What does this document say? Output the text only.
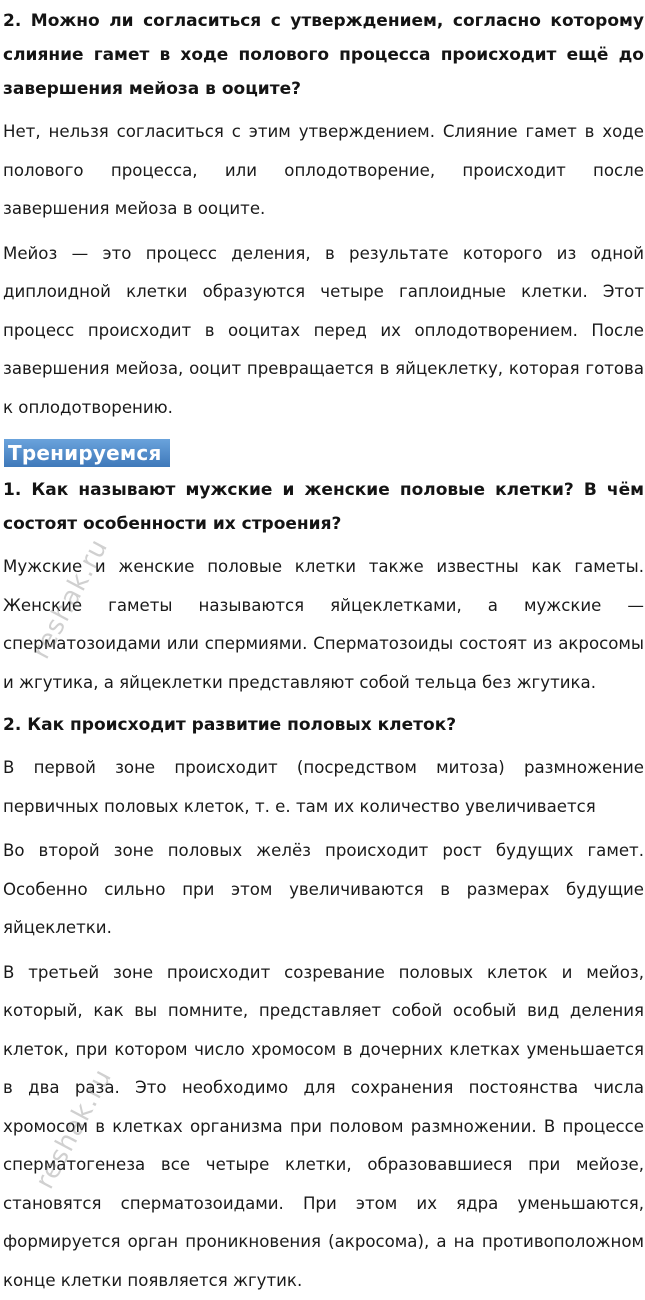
2. Можно ли согласиться с утверждением, согласно которому слияние гамет в ходе полового процесса происходит ещё до завершения мейоза в ооците?
Нет, нельзя согласиться с этим утверждением. Слияние гамет в ходе полового процесса, или оплодотворение, происходит после завершения мейоза в ооците.
Мейоз — это процесс деления, в результате которого из одной диплоидной клетки образуются четыре гаплоидные клетки. Этот процесс происходит в ооцитах перед их оплодотворением. После завершения мейоза, ооцит превращается в яйцеклетку, которая готова к оплодотворению.
Тренируемся
1. Как называют мужские и женские половые клетки? В чём состоят особенности их строения?
Мужские и женские половые клетки также известны как гаметы. Женские гаметы называются яйцеклетками, а мужские — сперматозоидами или спермиями. Сперматозоиды состоят из акросомы и жгутика, а яйцеклетки представляют собой тельца без жгутика.
2. Как происходит развитие половых клеток?
В первой зоне происходит (посредством митоза) размножение первичных половых клеток, т. е. там их количество увеличивается
Во второй зоне половых желёз происходит рост будущих гамет. Особенно сильно при этом увеличиваются в размерах будущие яйцеклетки.
В третьей зоне происходит созревание половых клеток и мейоз, который, как вы помните, представляет собой особый вид деления клеток, при котором число хромосом в дочерних клетках уменьшается в два раза. Это необходимо для сохранения постоянства числа хромосом в клетках организма при половом размножении. В процессе сперматогенеза все четыре клетки, образовавшиеся при мейозе, становятся сперматозоидами. При этом их ядра уменьшаются, формируется орган проникновения (акросома), а на противоположном конце клетки появляется жгутик.
reshak.ru
reshak.ru
